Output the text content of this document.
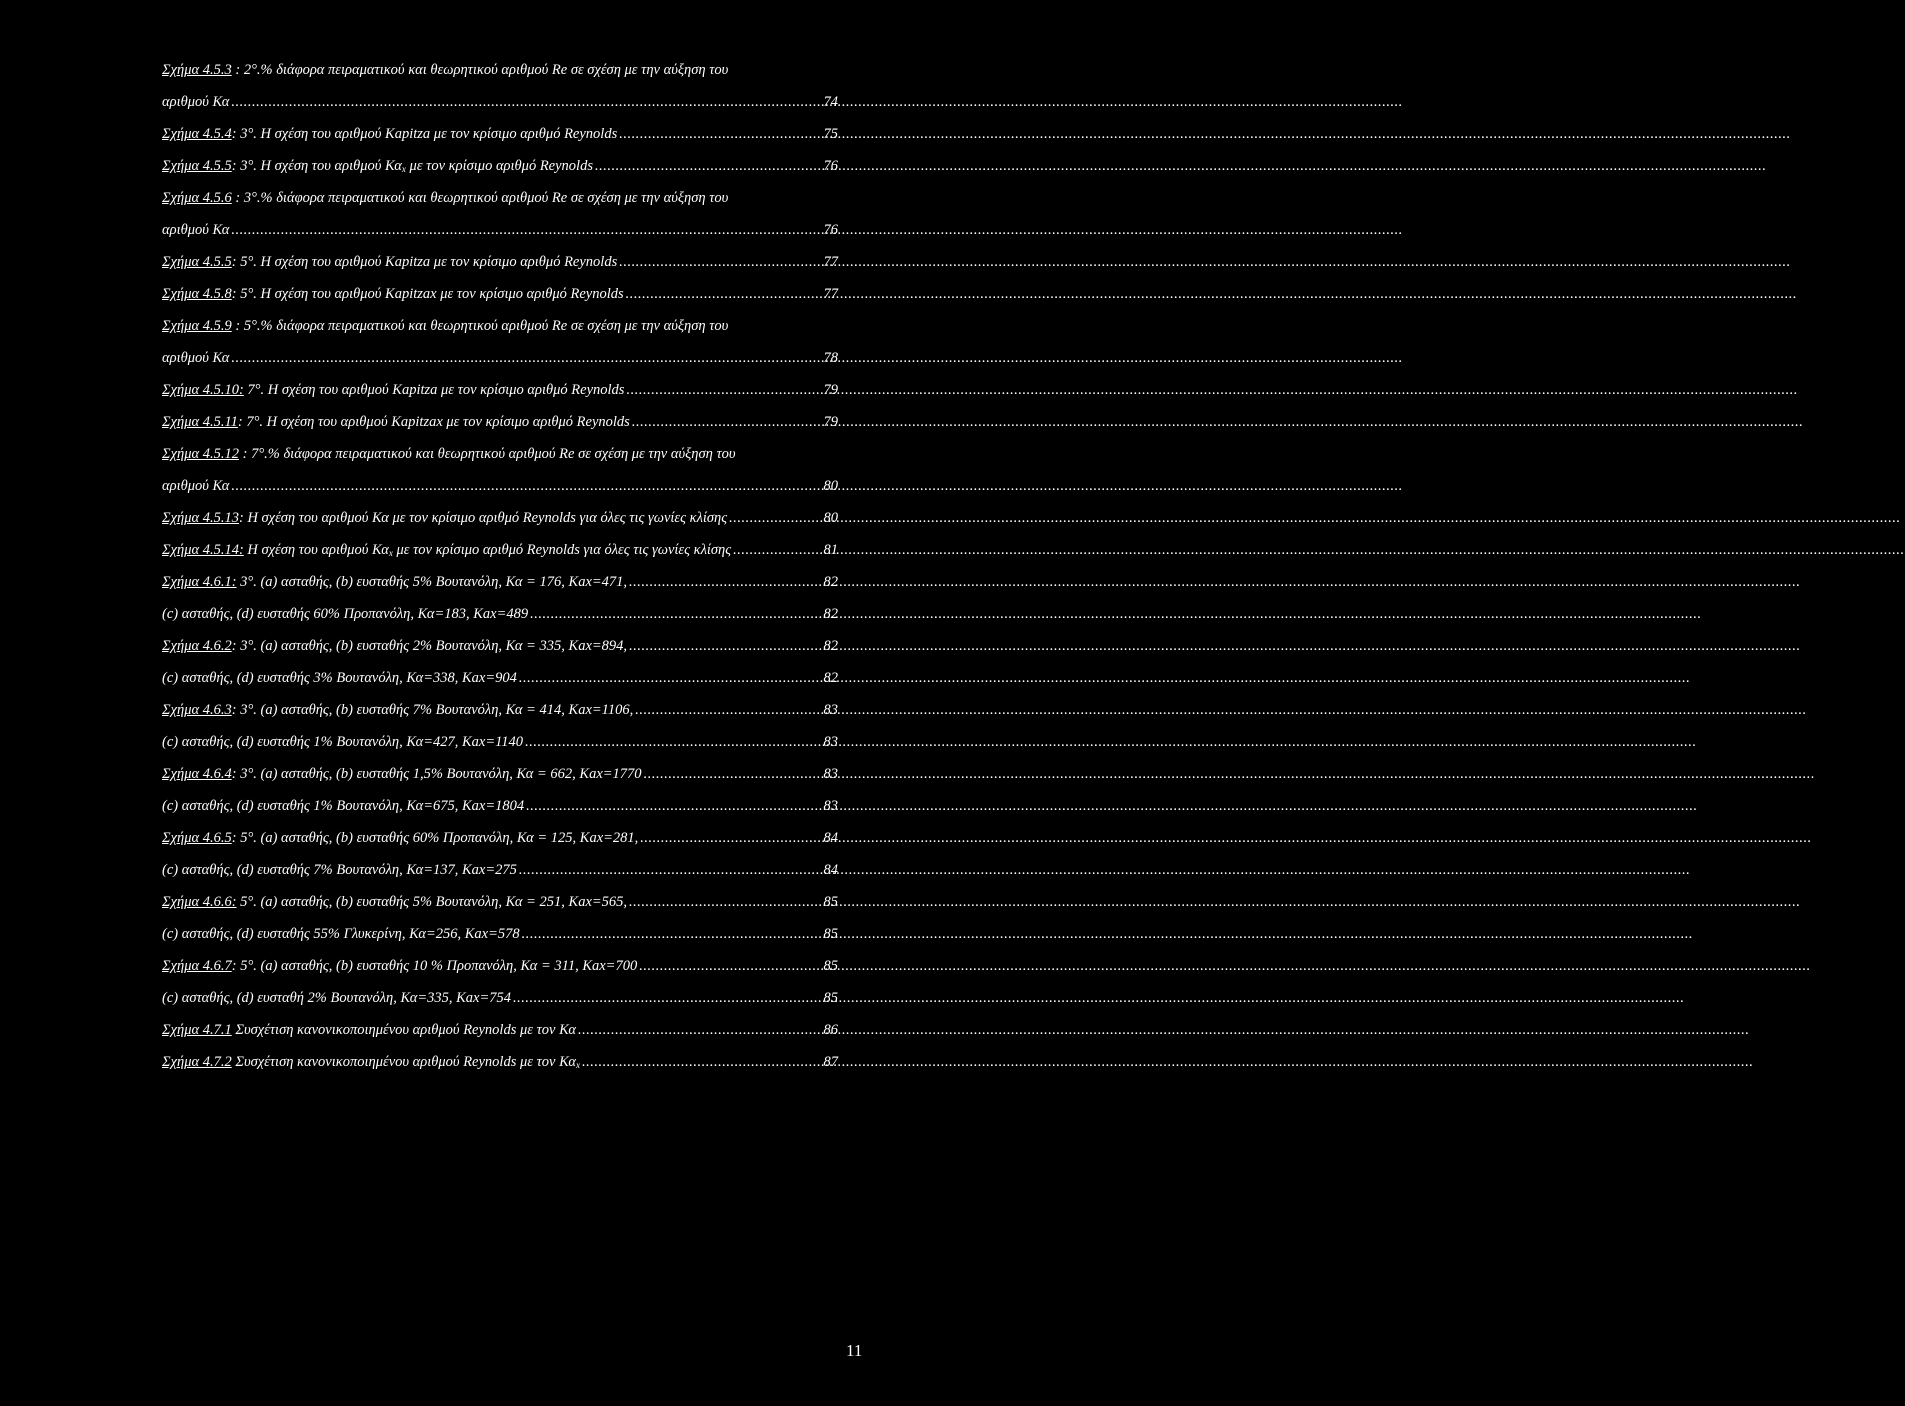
Σχήμα 4.5.3 : 2°.% διάφορα πειραματικού και θεωρητικού αριθμού Re σε σχέση με την αύξηση του
αριθμού Κα .....	74
Σχήμα 4.5.4: 3°. Η σχέση του αριθμού Kapitza με τον κρίσιμο αριθμό Reynolds .....	75
Σχήμα 4.5.5: 3°. Η σχέση του αριθμού $K\alpha_x$ με τον κρίσιμο αριθμό Reynolds .....	76
Σχήμα 4.5.6 : 3°.% διάφορα πειραματικού και θεωρητικού αριθμού Re σε σχέση με την αύξηση του
αριθμού Κα .....	76
Σχήμα 4.5.5: 5°. Η σχέση του αριθμού Kapitza με τον κρίσιμο αριθμό Reynolds .....	77
Σχήμα 4.5.8: 5°. Η σχέση του αριθμού Kapitzax με τον κρίσιμο αριθμό Reynolds .....	77
Σχήμα 4.5.9 : 5°.% διάφορα πειραματικού και θεωρητικού αριθμού Re σε σχέση με την αύξηση του
αριθμού Κα .....	78
Σχήμα 4.5.10: 7°. Η σχέση του αριθμού Kapitza με τον κρίσιμο αριθμό Reynolds .....	79
Σχήμα 4.5.11: 7°. Η σχέση του αριθμού Kapitzax με τον κρίσιμο αριθμό Reynolds .....	79
Σχήμα 4.5.12 : 7°.% διάφορα πειραματικού και θεωρητικού αριθμού Re σε σχέση με την αύξηση του
αριθμού Κα .....	80
Σχήμα 4.5.13: Η σχέση του αριθμού Κα με τον κρίσιμο αριθμό Reynolds για όλες τις γωνίες κλίσης .....	80
Σχήμα 4.5.14: Η σχέση του αριθμού $K\alpha_x$ με τον κρίσιμο αριθμό Reynolds για όλες τις γωνίες κλίσης .....	81
Σχήμα 4.6.1: 3°. (a) ασταθής, (b) ευσταθής 5% Βουτανόλη, Κα = 176, Kax=471, .....	82
(c) ασταθής, (d) ευσταθής 60% Προπανόλη, Κα=183, Kax=489 .....	82
Σχήμα 4.6.2: 3°. (a) ασταθής, (b) ευσταθής 2% Βουτανόλη, Κα = 335, Kax=894, .....	82
(c) ασταθής, (d) ευσταθής 3% Βουτανόλη, Κα=338, Kax=904 .....	82
Σχήμα 4.6.3: 3°. (a) ασταθής, (b) ευσταθής 7% Βουτανόλη, Κα = 414, Kax=1106, .....	83
(c) ασταθής, (d) ευσταθής 1% Βουτανόλη, Κα=427, Kax=1140 .....	83
Σχήμα 4.6.4: 3°. (a) ασταθής, (b) ευσταθής 1,5% Βουτανόλη, Κα = 662, Kax=1770 .....	83
(c) ασταθής, (d) ευσταθής 1% Βουτανόλη, Κα=675, Kax=1804 .....	83
Σχήμα 4.6.5: 5°. (a) ασταθής, (b) ευσταθής 60% Προπανόλη, Κα = 125, Kax=281, .....	84
(c) ασταθής, (d) ευσταθής 7% Βουτανόλη, Κα=137, Kax=275 .....	84
Σχήμα 4.6.6: 5°. (a) ασταθής, (b) ευσταθής 5% Βουτανόλη, Κα = 251, Kax=565, .....	85
(c) ασταθής, (d) ευσταθής 55% Γλυκερίνη, Κα=256, Kax=578 .....	85
Σχήμα 4.6.7: 5°. (a) ασταθής, (b) ευσταθής 10 % Προπανόλη, Κα = 311, Kax=700 .....	85
(c) ασταθής, (d) ευσταθή 2% Βουτανόλη, Κα=335, Kax=754 .....	85
Σχήμα 4.7.1 Συσχέτιση κανονικοποιημένου αριθμού Reynolds με τον Κα .....	86
Σχήμα 4.7.2 Συσχέτιση κανονικοποιημένου αριθμού Reynolds με τον $K\alpha_x$ .....	87
11
